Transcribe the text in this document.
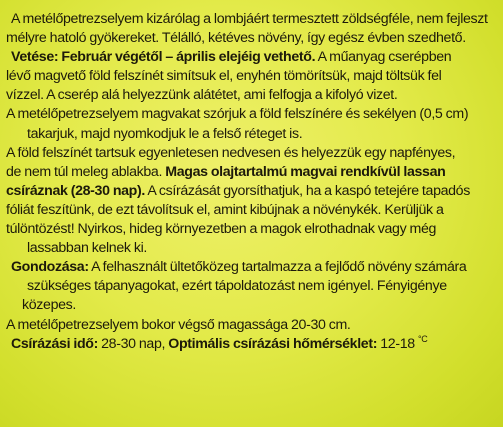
A metélőpetrezselyem kizárólag a lombjáért termesztett zöldségféle, nem fejleszt
mélyre hatoló gyökereket. Télálló, kétéves növény, így egész évben szedhető.

Vetése: Február végétől – április elejéig vethető. A műanyag cserépben
lévő magvető föld felszínét simítsuk el, enyhén tömörítsük, majd töltsük fel
vízzel. A cserép alá helyezzünk alátétet, ami felfogja a kifolyó vizet.
A metélőpetrezselyem magvakat szórjuk a föld felszínére és sekélyen (0,5 cm)

takarjuk, majd nyomkodjuk le a felső réteget is.
A föld felszínét tartsuk egyenletesen nedvesen és helyezzük egy napfényes,
de nem túl meleg ablakba. Magas olajtartalmú magvai rendkívül lassan
csíráznak (28-30 nap). A csírázását gyorsíthatjuk, ha a kaspó tetejére tapadós
fóliát feszítünk, de ezt távolítsuk el, amint kibújnak a növénykék. Kerüljük a
túlöntözést! Nyirkos, hideg környezetben a magok elrothadnak vagy még

lassabban kelnek ki.

Gondozása: A felhasznált ültetőközeg tartalmazza a fejlődő növény számára

szükséges tápanyagokat, ezért tápoldatozást nem igényel. Fényigénye közepes.
A metélőpetrezselyem bokor végső magassága 20-30 cm.

Csírázási idő: 28-30 nap, Optimális csírázási hőmérséklet: 12-18 $^{^\circ C}$
